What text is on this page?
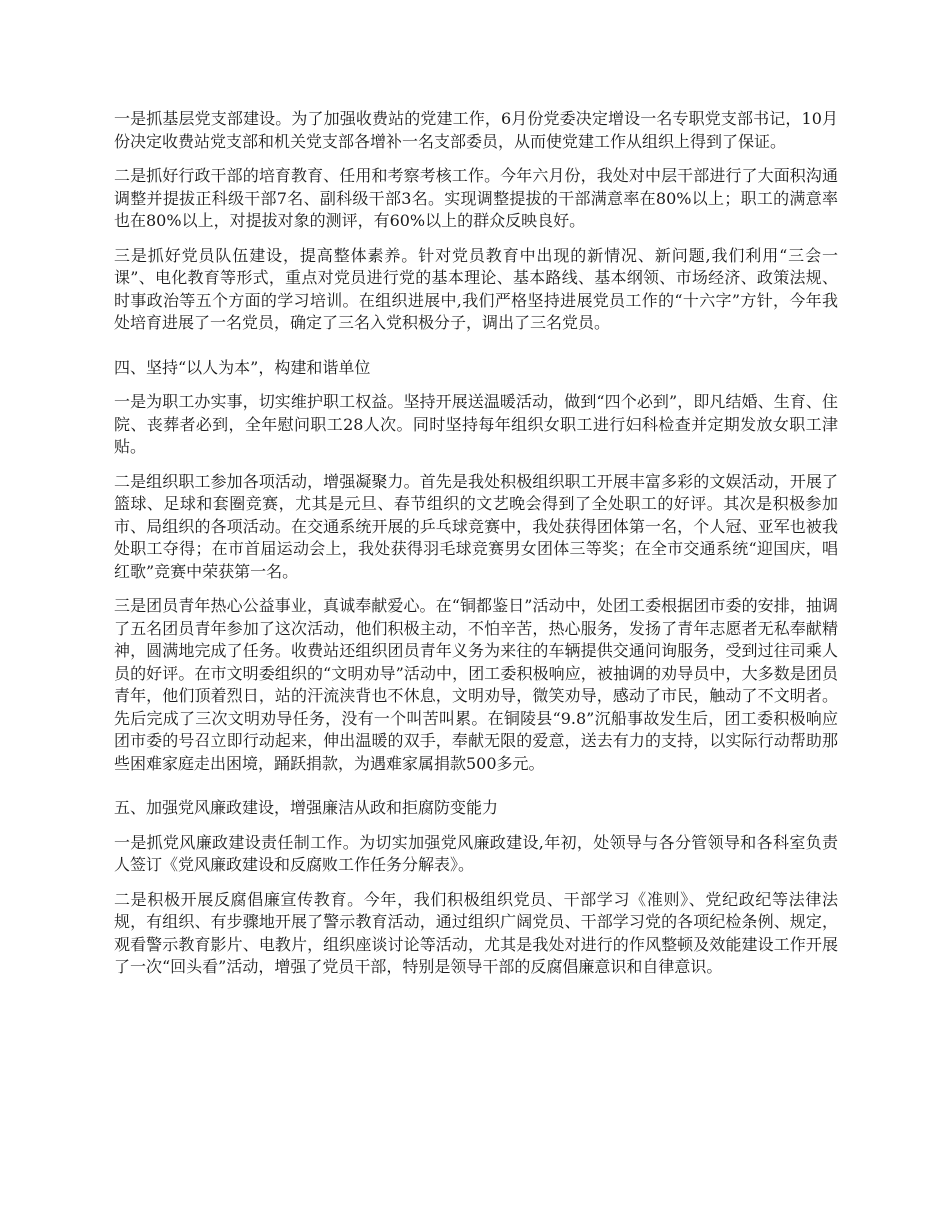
一是抓基层党支部建设。为了加强收费站的党建工作，6月份党委决定增设一名专职党支部书记，10月份决定收费站党支部和机关党支部各增补一名支部委员，从而使党建工作从组织上得到了保证。

二是抓好行政干部的培育教育、任用和考察考核工作。今年六月份，我处对中层干部进行了大面积沟通调整并提拔正科级干部7名、副科级干部3名。实现调整提拔的干部满意率在80%以上；职工的满意率也在80%以上，对提拔对象的测评，有60%以上的群众反映良好。

三是抓好党员队伍建设，提高整体素养。针对党员教育中出现的新情况、新问题,我们利用“三会一课”、电化教育等形式，重点对党员进行党的基本理论、基本路线、基本纲领、市场经济、政策法规、时事政治等五个方面的学习培训。在组织进展中,我们严格坚持进展党员工作的“十六字”方针，今年我处培育进展了一名党员，确定了三名入党积极分子，调出了三名党员。

四、坚持“以人为本”，构建和谐单位

一是为职工办实事，切实维护职工权益。坚持开展送温暖活动，做到“四个必到”，即凡结婚、生育、住院、丧葬者必到，全年慰问职工28人次。同时坚持每年组织女职工进行妇科检查并定期发放女职工津贴。

二是组织职工参加各项活动，增强凝聚力。首先是我处积极组织职工开展丰富多彩的文娱活动，开展了篮球、足球和套圈竞赛，尤其是元旦、春节组织的文艺晚会得到了全处职工的好评。其次是积极参加市、局组织的各项活动。在交通系统开展的乒乓球竞赛中，我处获得团体第一名，个人冠、亚军也被我处职工夺得；在市首届运动会上，我处获得羽毛球竞赛男女团体三等奖；在全市交通系统“迎国庆，唱红歌”竞赛中荣获第一名。

三是团员青年热心公益事业，真诚奉献爱心。在“铜都鉴日”活动中，处团工委根据团市委的安排，抽调了五名团员青年参加了这次活动，他们积极主动，不怕辛苦，热心服务，发扬了青年志愿者无私奉献精神，圆满地完成了任务。收费站还组织团员青年义务为来往的车辆提供交通问询服务，受到过往司乘人员的好评。在市文明委组织的“文明劝导”活动中，团工委积极响应，被抽调的劝导员中，大多数是团员青年，他们顶着烈日，站的汗流浃背也不休息，文明劝导，微笑劝导，感动了市民，触动了不文明者。先后完成了三次文明劝导任务，没有一个叫苦叫累。在铜陵县“9.8”沉船事故发生后，团工委积极响应团市委的号召立即行动起来，伸出温暖的双手，奉献无限的爱意，送去有力的支持，以实际行动帮助那些困难家庭走出困境，踊跃捐款，为遇难家属捐款500多元。

五、加强党风廉政建设，增强廉洁从政和拒腐防变能力

一是抓党风廉政建设责任制工作。为切实加强党风廉政建设,年初，处领导与各分管领导和各科室负责人签订《党风廉政建设和反腐败工作任务分解表》。

二是积极开展反腐倡廉宣传教育。今年，我们积极组织党员、干部学习《准则》、党纪政纪等法律法规，有组织、有步骤地开展了警示教育活动，通过组织广阔党员、干部学习党的各项纪检条例、规定，观看警示教育影片、电教片，组织座谈讨论等活动，尤其是我处对进行的作风整顿及效能建设工作开展了一次“回头看”活动，增强了党员干部，特别是领导干部的反腐倡廉意识和自律意识。
